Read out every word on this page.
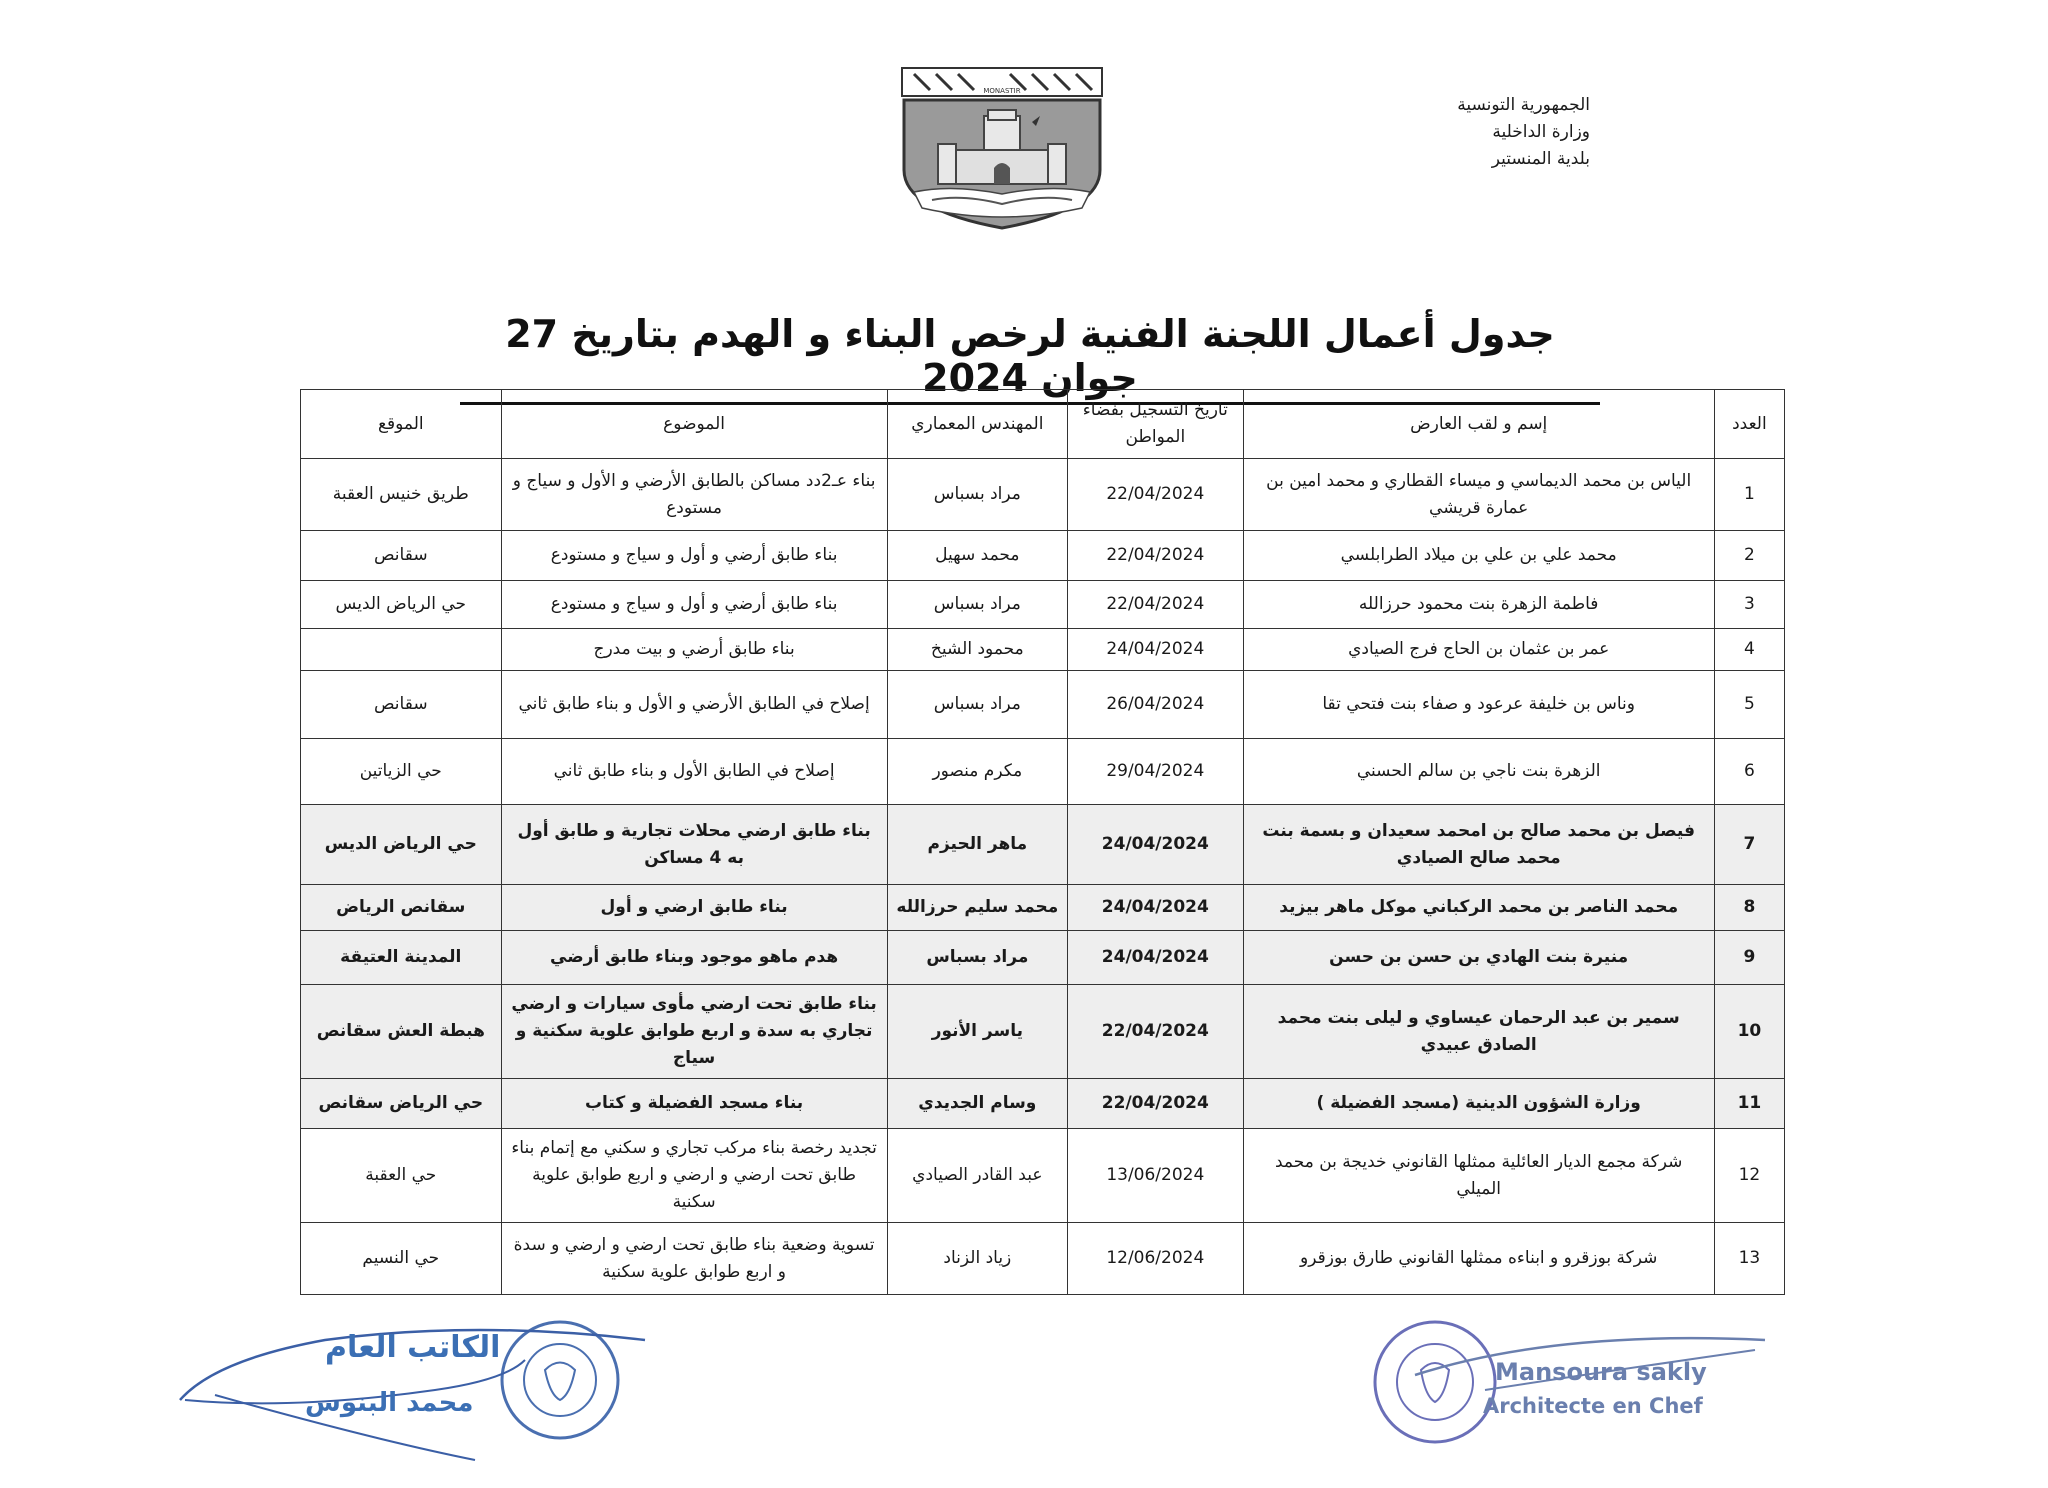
الجمهورية التونسية
وزارة الداخلية
بلدية المنستير
MONASTIR
جدول أعمال اللجنة الفنية لرخص البناء و الهدم بتاريخ 27 جوان 2024
العدد	إسم و لقب العارض	تاريخ التسجيل بفضاء المواطن	المهندس المعماري	الموضوع	الموقع
1	الياس بن محمد الديماسي و ميساء القطاري و محمد امين بن عمارة قريشي	22/04/2024	مراد بسباس	بناء عـ2دد مساكن بالطابق الأرضي و الأول و سياج و مستودع	طريق خنيس العقبة
2	محمد علي بن علي بن ميلاد الطرابلسي	22/04/2024	محمد سهيل	بناء طابق أرضي و أول و سياج و مستودع	سقانص
3	فاطمة الزهرة بنت محمود حرزالله	22/04/2024	مراد بسباس	بناء طابق أرضي و أول و سياج و مستودع	حي الرياض الديس
4	عمر بن عثمان بن الحاج فرج الصيادي	24/04/2024	محمود الشيخ	بناء طابق أرضي و بيت مدرج	
5	وناس بن خليفة عرعود و صفاء بنت فتحي تقا	26/04/2024	مراد بسباس	إصلاح في الطابق الأرضي و الأول و بناء طابق ثاني	سقانص
6	الزهرة بنت ناجي بن سالم الحسني	29/04/2024	مكرم منصور	إصلاح في الطابق الأول و بناء طابق ثاني	حي الزياتين
7	فيصل بن محمد صالح بن امحمد سعيدان و بسمة بنت محمد صالح الصيادي	24/04/2024	ماهر الحيزم	بناء طابق ارضي محلات تجارية و طابق أول به 4 مساكن	حي الرياض الديس
8	محمد الناصر بن محمد الركباني موكل ماهر بيزيد	24/04/2024	محمد سليم حرزالله	بناء طابق ارضي و أول	سقانص الرياض
9	منيرة بنت الهادي بن حسن بن حسن	24/04/2024	مراد بسباس	هدم ماهو موجود وبناء طابق أرضي	المدينة العتيقة
10	سمير بن عبد الرحمان عيساوي و ليلى بنت محمد الصادق عبيدي	22/04/2024	ياسر الأنور	بناء طابق تحت ارضي مأوى سيارات و ارضي تجاري به سدة و اربع طوابق علوية سكنية و سياج	هبطة العش سقانص
11	وزارة الشؤون الدينية (مسجد الفضيلة )	22/04/2024	وسام الجديدي	بناء مسجد الفضيلة و كتاب	حي الرياض سقانص
12	شركة مجمع الديار العائلية ممثلها القانوني خديجة بن محمد الميلي	13/06/2024	عبد القادر الصيادي	تجديد رخصة بناء مركب تجاري و سكني مع إتمام بناء طابق تحت ارضي و ارضي و اربع طوابق علوية سكنية	حي العقبة
13	شركة بوزقرو و ابناءه ممثلها القانوني طارق بوزقرو	12/06/2024	زياد الزناد	تسوية وضعية بناء طابق تحت ارضي و ارضي و سدة و اربع طوابق علوية سكنية	حي النسيم
الكاتب العام
محمد البنوس
Mansoura sakly
Architecte en Chef
